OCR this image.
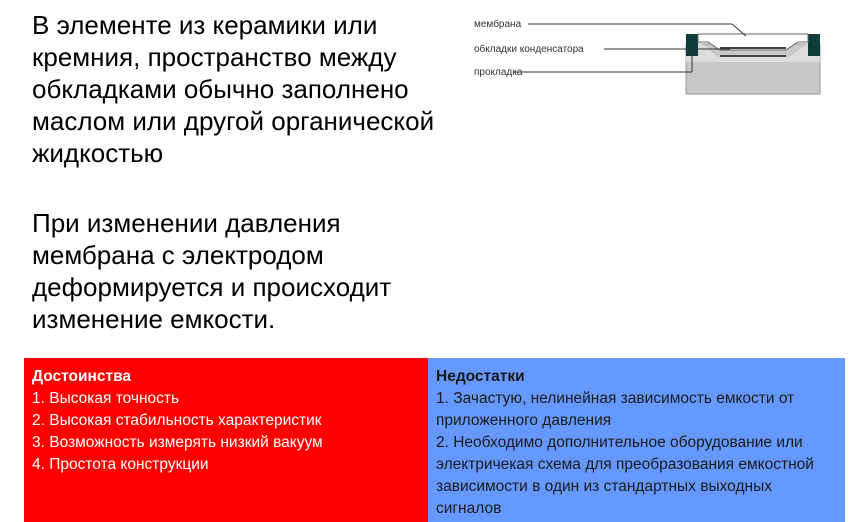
В элементе из керамики или кремния, пространство между обкладками обычно заполнено маслом или другой органической жидкостью

При изменении давления мембрана с электродом деформируется и происходит изменение емкости.

мембрана
обкладки конденсатора
прокладка
Достоинства
1. Высокая точность
2. Высокая стабильность характеристик
3. Возможность измерять низкий вакуум
4. Простота конструкции
Недостатки
1. Зачастую, нелинейная зависимость емкости от приложенного давления
2. Необходимо дополнительное оборудование или электричекая схема для преобразования емкостной зависимости в один из стандартных выходных сигналов
